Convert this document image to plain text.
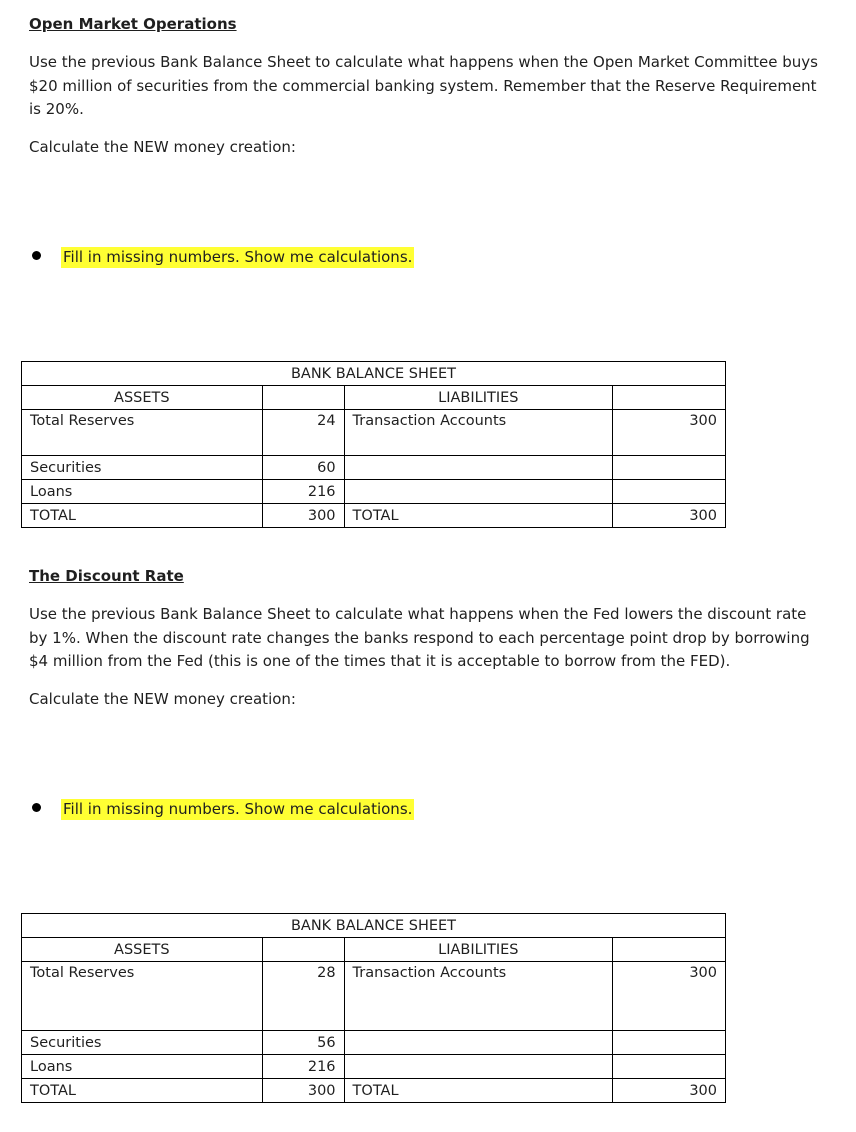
Open Market Operations
Use the previous Bank Balance Sheet to calculate what happens when the Open Market Committee buys $20 million of securities from the commercial banking system. Remember that the Reserve Requirement is 20%.
Calculate the NEW money creation:
Fill in missing numbers. Show me calculations.
BANK BALANCE SHEET			
ASSETS		LIABILITIES	
Total Reserves	24	Transaction Accounts	300
Securities	60		
Loans	216		
TOTAL	300	TOTAL	300
The Discount Rate
Use the previous Bank Balance Sheet to calculate what happens when the Fed lowers the discount rate by 1%. When the discount rate changes the banks respond to each percentage point drop by borrowing $4 million from the Fed (this is one of the times that it is acceptable to borrow from the FED).
Calculate the NEW money creation:
Fill in missing numbers. Show me calculations.
BANK BALANCE SHEET			
ASSETS		LIABILITIES	
Total Reserves	28	Transaction Accounts	300
Securities	56		
Loans	216		
TOTAL	300	TOTAL	300
